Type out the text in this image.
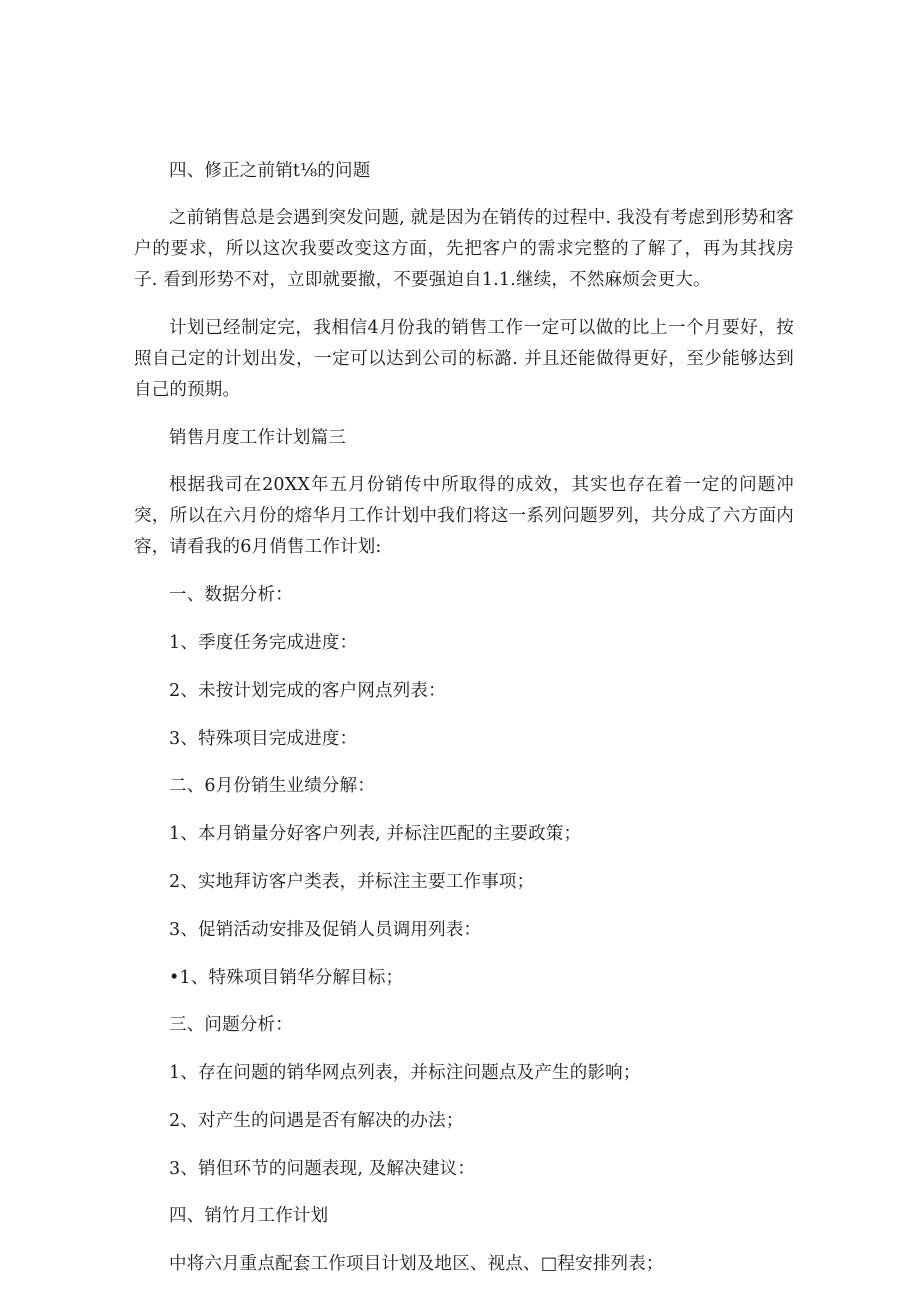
四、修正之前销t⅛的问题

之前销售总是会遇到突发问题, 就是因为在销传的过程中. 我没有考虑到形势和客户的要求，所以这次我要改变这方面，先把客户的需求完整的了解了，再为其找房子. 看到形势不对，立即就要撤，不要强迫自1.1.继续，不然麻烦会更大。

计划已经制定完，我相信4月份我的销售工作一定可以做的比上一个月要好，按照自己定的计划出发，一定可以达到公司的标潞. 并且还能做得更好，至少能够达到自己的预期。

销售月度工作计划篇三

根据我司在20XX年五月份销传中所取得的成效，其实也存在着一定的问题冲突，所以在六月份的熔华月工作计划中我们将这一系列问题罗列，共分成了六方面内容，请看我的6月俏售工作计划:

一、数据分析：

1、季度任务完成进度：

2、未按计划完成的客户网点列表：

3、特殊项目完成进度：

二、6月份销生业绩分解：

1、本月销量分好客户列表, 并标注匹配的主要政策；

2、实地拜访客户类表，并标注主要工作事项；

3、促销活动安排及促销人员调用列表：

•1、特殊项目销华分解目标；

三、问题分析：

1、存在问题的销华网点列表，并标注问题点及产生的影响；

2、对产生的问遇是否有解决的办法；

3、销但环节的问题表现, 及解决建议：

四、销竹月工作计划

中将六月重点配套工作项目计划及地区、视点、□程安排列表；
